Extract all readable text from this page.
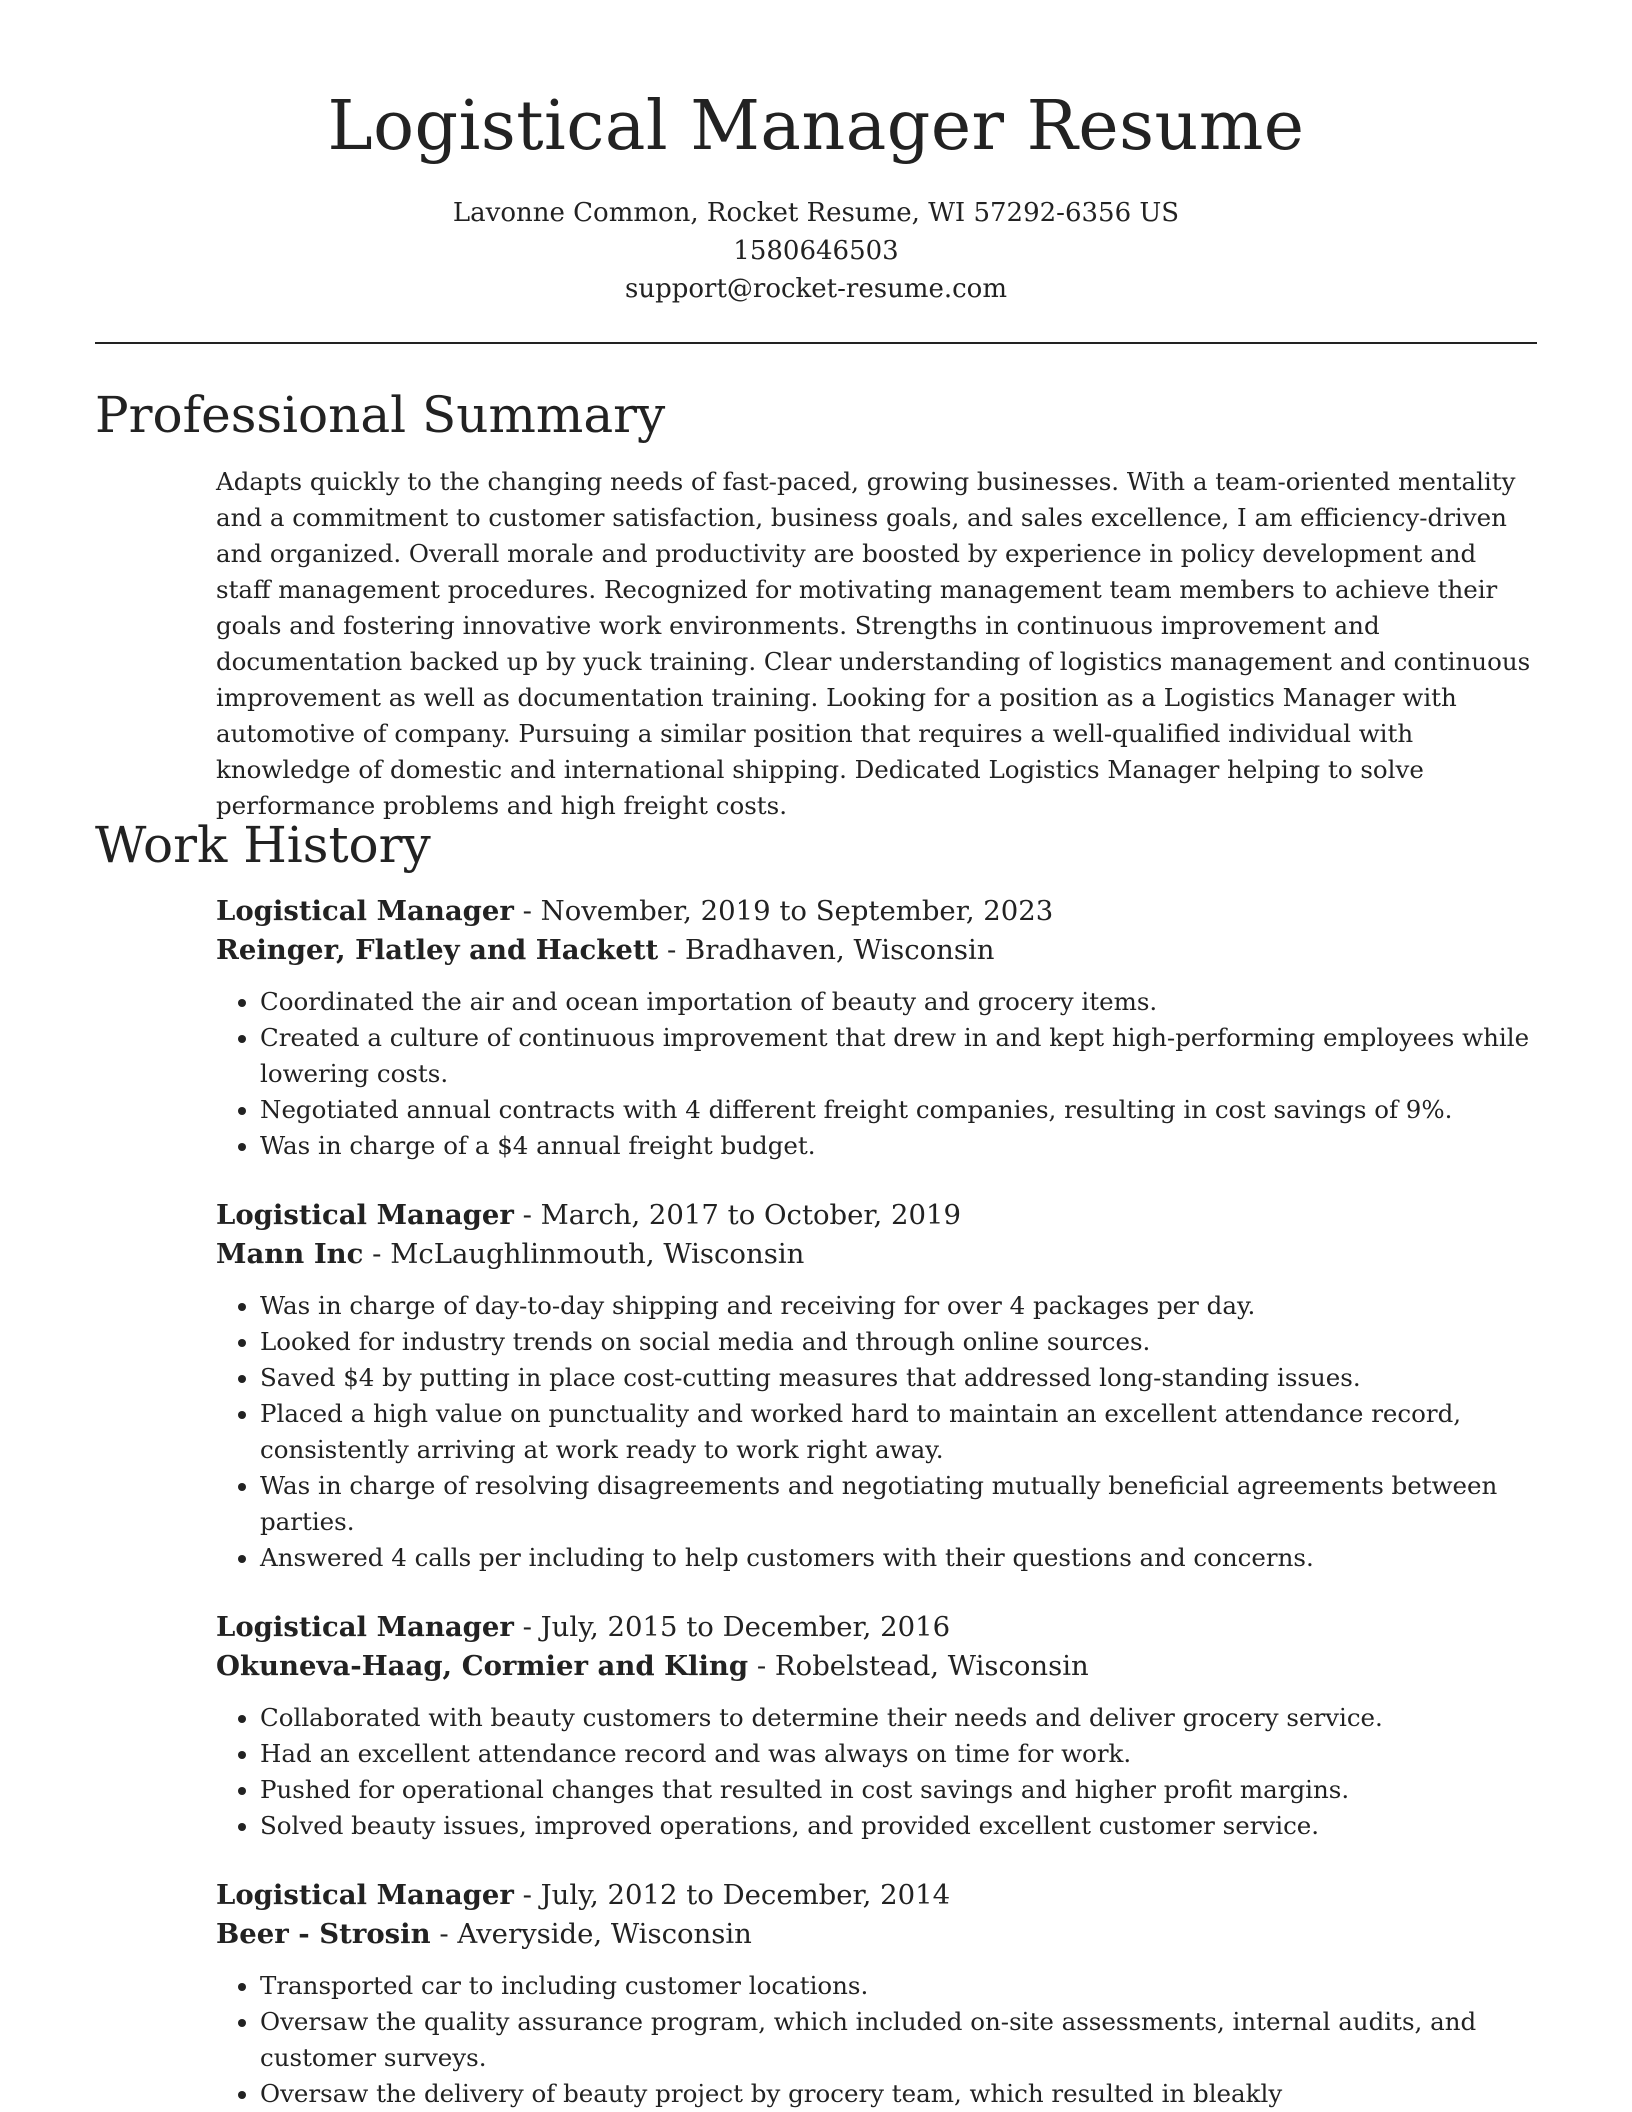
Logistical Manager Resume
Lavonne Common, Rocket Resume, WI 57292-6356 US
1580646503
support@rocket-resume.com
Professional Summary

Adapts quickly to the changing needs of fast-paced, growing businesses. With a team-oriented mentality and a commitment to customer satisfaction, business goals, and sales excellence, I am efficiency-driven and organized. Overall morale and productivity are boosted by experience in policy development and staff management procedures. Recognized for motivating management team members to achieve their goals and fostering innovative work environments. Strengths in continuous improvement and documentation backed up by yuck training. Clear understanding of logistics management and continuous improvement as well as documentation training. Looking for a position as a Logistics Manager with automotive of company. Pursuing a similar position that requires a well-qualified individual with knowledge of domestic and international shipping. Dedicated Logistics Manager helping to solve performance problems and high freight costs.

Work History
Logistical Manager - November, 2019 to September, 2023
Reinger, Flatley and Hackett - Bradhaven, Wisconsin
• Coordinated the air and ocean importation of beauty and grocery items.
• Created a culture of continuous improvement that drew in and kept high-performing employees while lowering costs.
• Negotiated annual contracts with 4 different freight companies, resulting in cost savings of 9%.
• Was in charge of a $4 annual freight budget.
Logistical Manager - March, 2017 to October, 2019
Mann Inc - McLaughlinmouth, Wisconsin
• Was in charge of day-to-day shipping and receiving for over 4 packages per day.
• Looked for industry trends on social media and through online sources.
• Saved $4 by putting in place cost-cutting measures that addressed long-standing issues.
• Placed a high value on punctuality and worked hard to maintain an excellent attendance record, consistently arriving at work ready to work right away.
• Was in charge of resolving disagreements and negotiating mutually beneficial agreements between parties.
• Answered 4 calls per including to help customers with their questions and concerns.
Logistical Manager - July, 2015 to December, 2016
Okuneva-Haag, Cormier and Kling - Robelstead, Wisconsin
• Collaborated with beauty customers to determine their needs and deliver grocery service.
• Had an excellent attendance record and was always on time for work.
• Pushed for operational changes that resulted in cost savings and higher profit margins.
• Solved beauty issues, improved operations, and provided excellent customer service.
Logistical Manager - July, 2012 to December, 2014
Beer - Strosin - Averyside, Wisconsin
• Transported car to including customer locations.
• Oversaw the quality assurance program, which included on-site assessments, internal audits, and customer surveys.
• Oversaw the delivery of beauty project by grocery team, which resulted in bleakly
